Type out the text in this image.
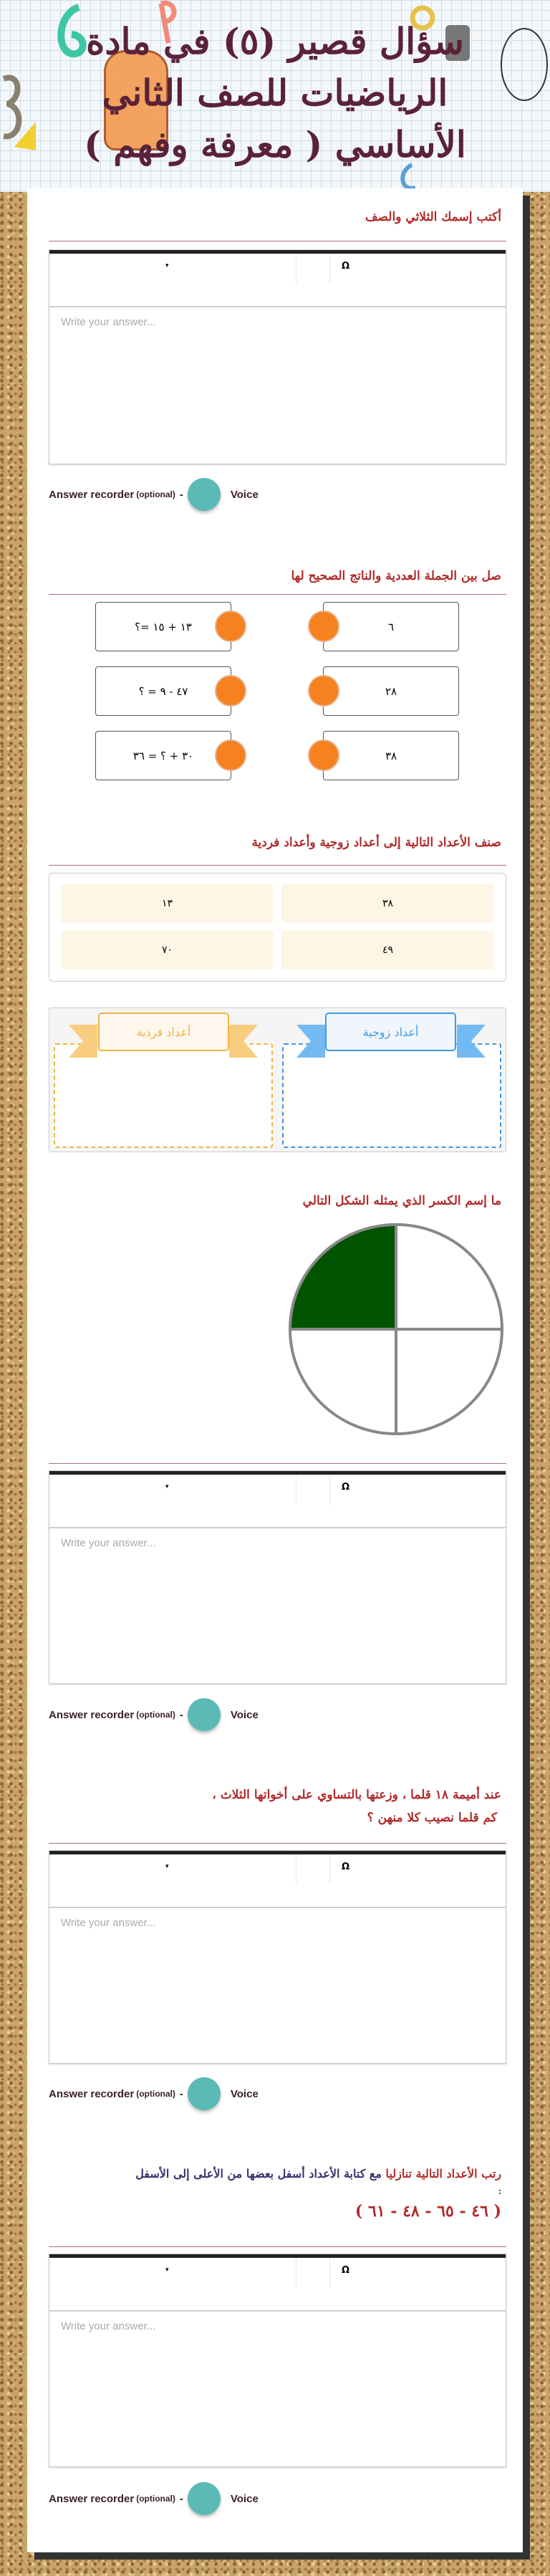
سؤال قصير (٥) في مادة الرياضيات للصف الثاني الأساسي ( معرفة وفهم )
أكتب إسمك الثلاثي والصف
▾	Ω
Write your answer...
Answer recorder (optional) -	Voice
صل بين الجملة العددية والناتج الصحيح لها
١٣ + ١٥ =؟
٤٧ - ٩ = ؟
٣٠ + ؟ = ٣٦
٦
٢٨
٣٨
صنف الأعداد التالية إلى أعداد زوجية وأعداد فردية
٣٨
١٣
٤٩
٧٠
أعداد زوجية
أعداد فردية
ما إسم الكسر الذي يمثله الشكل التالي
▾	Ω
Write your answer...
Answer recorder (optional) -	Voice
عند أميمة ١٨ قلما ، وزعتها بالتساوي على أخواتها الثلاث ،
كم قلما نصيب كلا منهن ؟
▾	Ω
Write your answer...
Answer recorder (optional) -	Voice
رتب الأعداد التالية تنازليا مع كتابة الأعداد أسفل بعضها من الأعلى إلى الأسفل
:
( ٤٦ - ٦٥ - ٤٨ - ٦١ )
▾	Ω
Write your answer...
Answer recorder (optional) -	Voice
